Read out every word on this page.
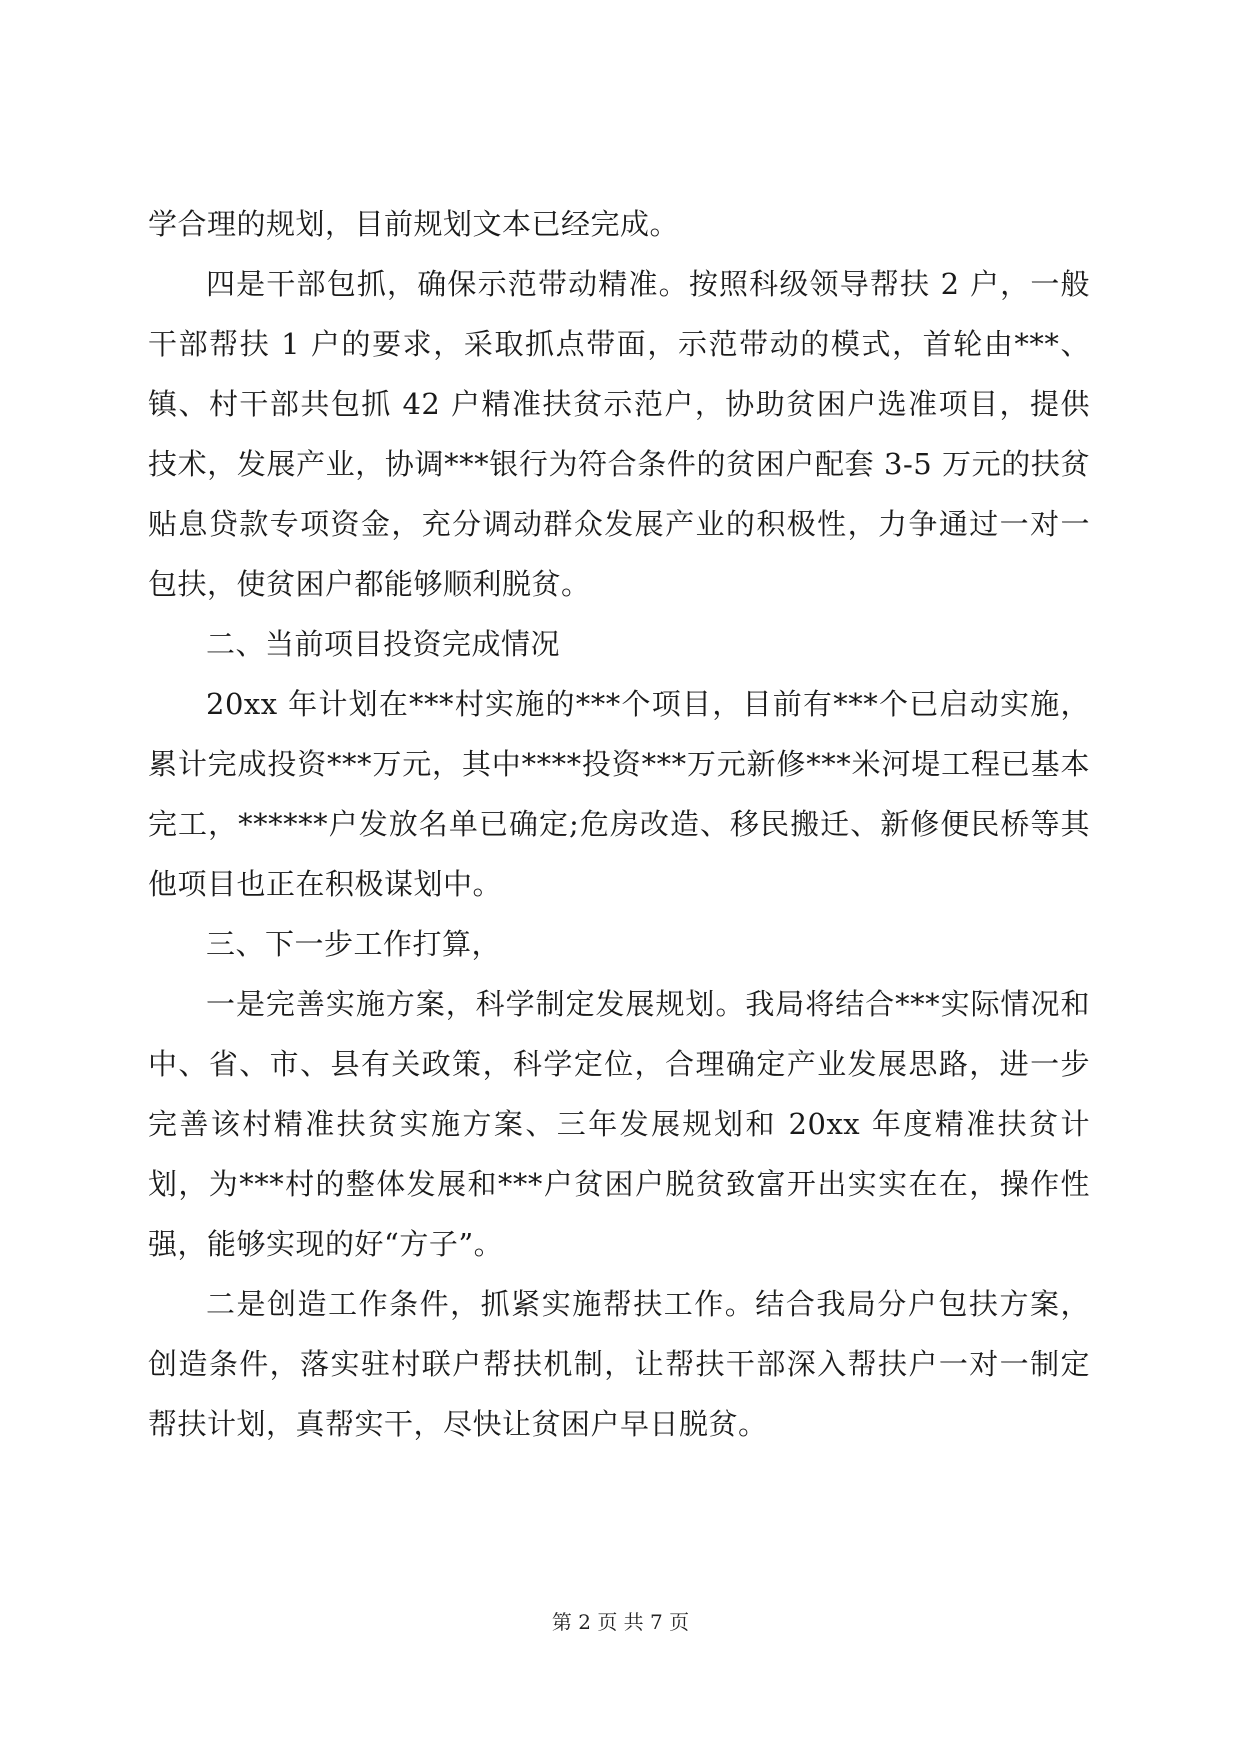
学合理的规划，目前规划文本已经完成。

四是干部包抓，确保示范带动精准。按照科级领导帮扶 2 户，一般干部帮扶 1 户的要求，采取抓点带面，示范带动的模式，首轮由***、镇、村干部共包抓 42 户精准扶贫示范户，协助贫困户选准项目，提供技术，发展产业，协调***银行为符合条件的贫困户配套 3-5 万元的扶贫贴息贷款专项资金，充分调动群众发展产业的积极性，力争通过一对一包扶，使贫困户都能够顺利脱贫。

二、当前项目投资完成情况

20xx 年计划在***村实施的***个项目，目前有***个已启动实施，累计完成投资***万元，其中****投资***万元新修***米河堤工程已基本完工，******户发放名单已确定;危房改造、移民搬迁、新修便民桥等其他项目也正在积极谋划中。

三、下一步工作打算，

一是完善实施方案，科学制定发展规划。我局将结合***实际情况和中、省、市、县有关政策，科学定位，合理确定产业发展思路，进一步完善该村精准扶贫实施方案、三年发展规划和 20xx 年度精准扶贫计划，为***村的整体发展和***户贫困户脱贫致富开出实实在在，操作性强，能够实现的好“方子”。

二是创造工作条件，抓紧实施帮扶工作。结合我局分户包扶方案，创造条件，落实驻村联户帮扶机制，让帮扶干部深入帮扶户一对一制定帮扶计划，真帮实干，尽快让贫困户早日脱贫。

第 2 页 共 7 页
